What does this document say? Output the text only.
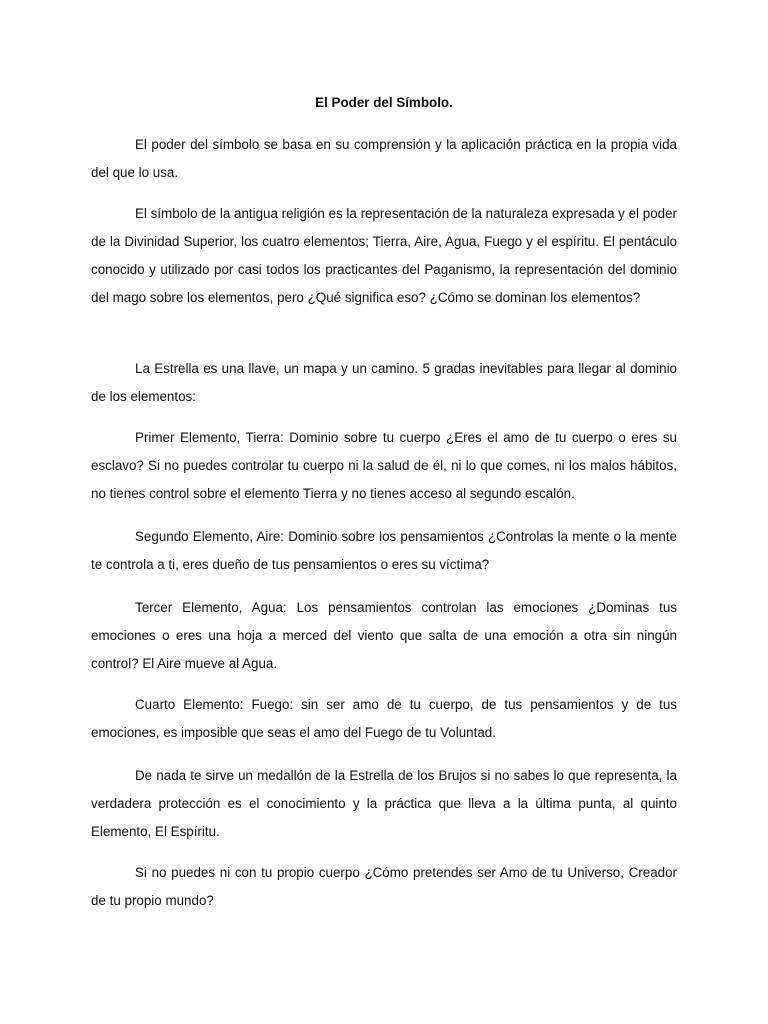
El Poder del Símbolo.

El poder del símbolo se basa en su comprensión y la aplicación práctica en la propia vida del que lo usa.

El símbolo de la antigua religión es la representación de la naturaleza expresada y el poder de la Divinidad Superior, los cuatro elementos; Tierra, Aire, Agua, Fuego y el espíritu. El pentáculo conocido y utilizado por casi todos los practicantes del Paganismo, la representación del dominio del mago sobre los elementos, pero ¿Qué significa eso? ¿Cómo se dominan los elementos?

La Estrella es una llave, un mapa y un camino. 5 gradas inevitables para llegar al dominio de los elementos:

Primer Elemento, Tierra: Dominio sobre tu cuerpo ¿Eres el amo de tu cuerpo o eres su esclavo? Si no puedes controlar tu cuerpo ni la salud de él, ni lo que comes, ni los malos hábitos, no tienes control sobre el elemento Tierra y no tienes acceso al segundo escalón.

Segundo Elemento, Aire: Dominio sobre los pensamientos ¿Controlas la mente o la mente te controla a ti, eres dueño de tus pensamientos o eres su víctima?

Tercer Elemento, Agua: Los pensamientos controlan las emociones ¿Dominas tus emociones o eres una hoja a merced del viento que salta de una emoción a otra sin ningún control? El Aire mueve al Agua.

Cuarto Elemento: Fuego: sin ser amo de tu cuerpo, de tus pensamientos y de tus emociones, es imposible que seas el amo del Fuego de tu Voluntad.

De nada te sirve un medallón de la Estrella de los Brujos si no sabes lo que representa, la verdadera protección es el conocimiento y la práctica que lleva a la última punta, al quinto Elemento, El Espíritu.

Si no puedes ni con tu propio cuerpo ¿Cómo pretendes ser Amo de tu Universo, Creador de tu propio mundo?
